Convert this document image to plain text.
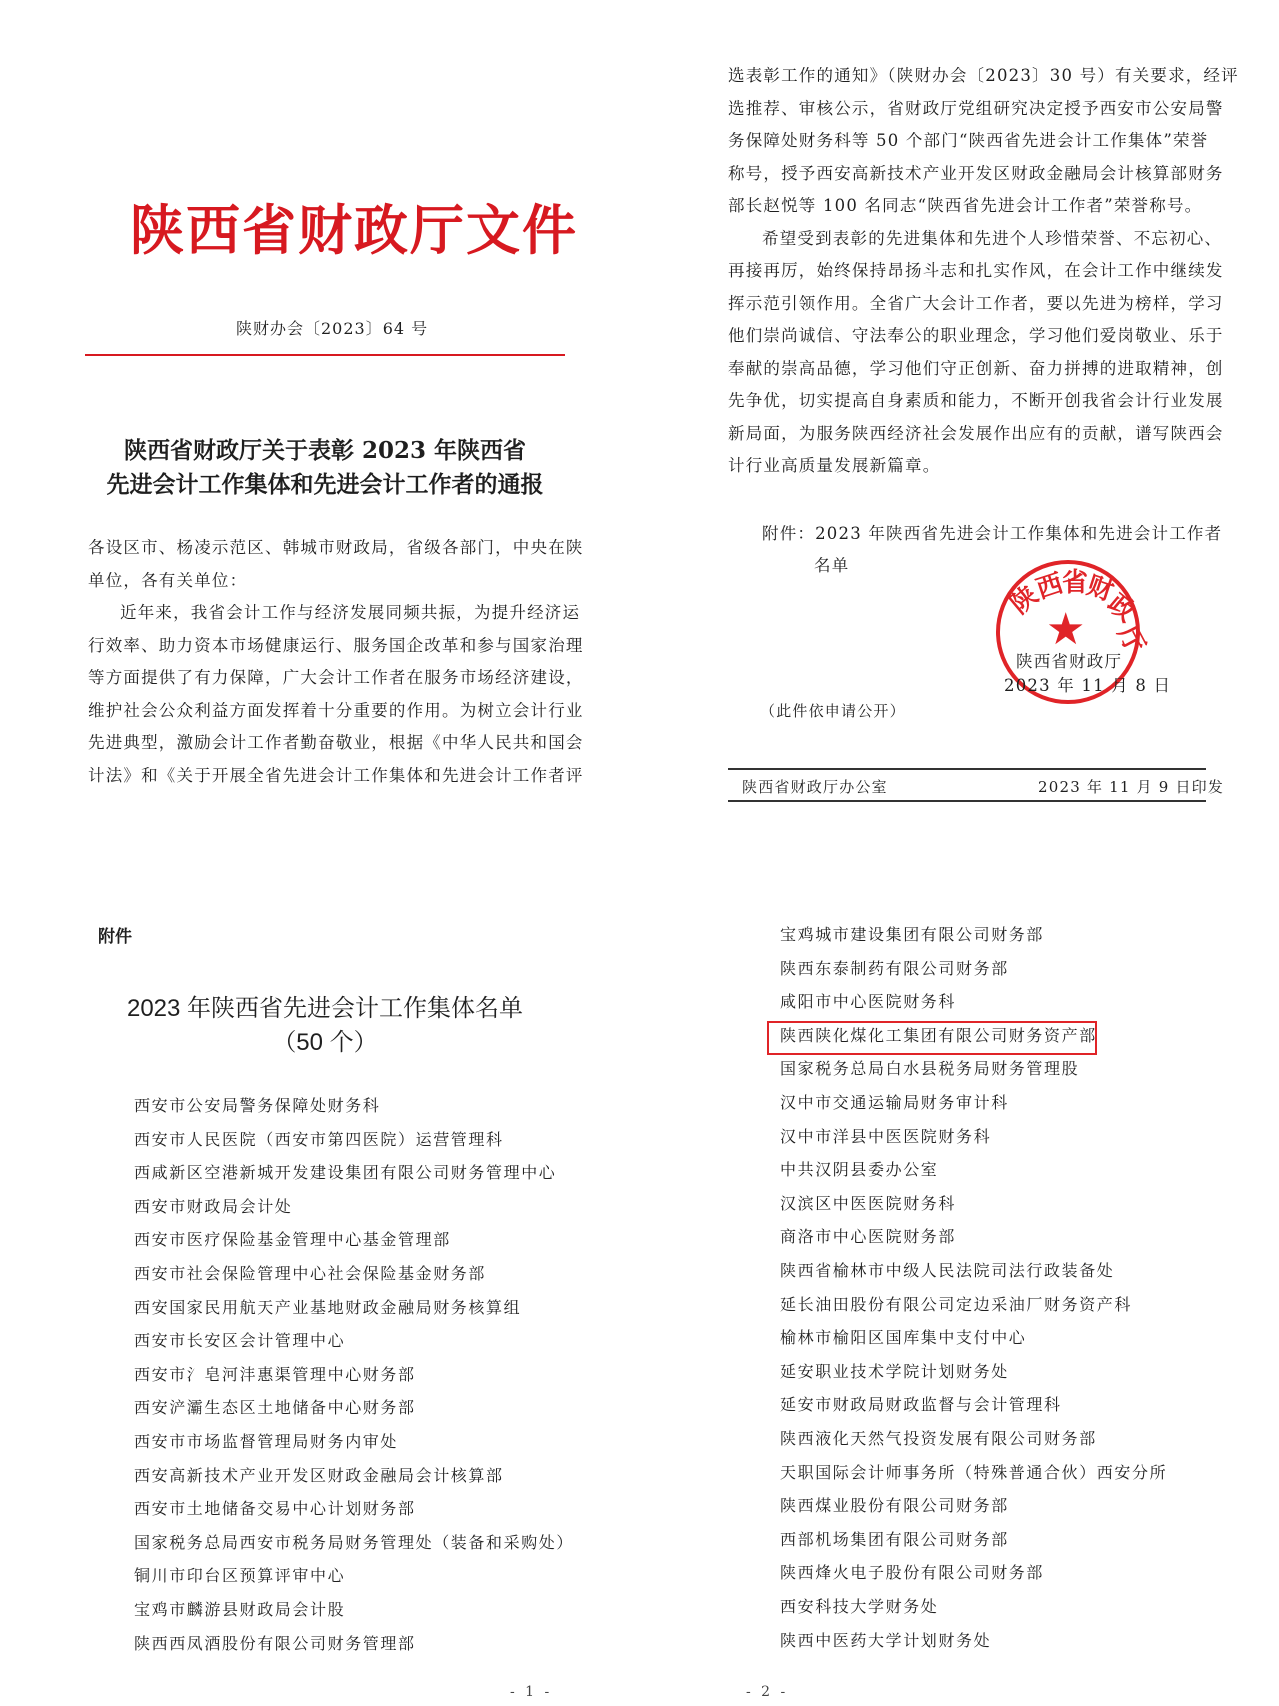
陕西省财政厅文件
陕财办会〔2023〕64 号
陕西省财政厅关于表彰 2023 年陕西省
先进会计工作集体和先进会计工作者的通报
各设区市、杨凌示范区、韩城市财政局，省级各部门，中央在陕
单位，各有关单位：
近年来，我省会计工作与经济发展同频共振，为提升经济运
行效率、助力资本市场健康运行、服务国企改革和参与国家治理
等方面提供了有力保障，广大会计工作者在服务市场经济建设，
维护社会公众利益方面发挥着十分重要的作用。为树立会计行业
先进典型，激励会计工作者勤奋敬业，根据《中华人民共和国会
计法》和《关于开展全省先进会计工作集体和先进会计工作者评
选表彰工作的通知》（陕财办会〔2023〕30 号）有关要求，经评
选推荐、审核公示，省财政厅党组研究决定授予西安市公安局警
务保障处财务科等 50 个部门“陕西省先进会计工作集体”荣誉
称号，授予西安高新技术产业开发区财政金融局会计核算部财务
部长赵悦等 100 名同志“陕西省先进会计工作者”荣誉称号。
希望受到表彰的先进集体和先进个人珍惜荣誉、不忘初心、
再接再厉，始终保持昂扬斗志和扎实作风，在会计工作中继续发
挥示范引领作用。全省广大会计工作者，要以先进为榜样，学习
他们崇尚诚信、守法奉公的职业理念，学习他们爱岗敬业、乐于
奉献的崇高品德，学习他们守正创新、奋力拼搏的进取精神，创
先争优，切实提高自身素质和能力，不断开创我省会计行业发展
新局面，为服务陕西经济社会发展作出应有的贡献，谱写陕西会
计行业高质量发展新篇章。
附件：2023 年陕西省先进会计工作集体和先进会计工作者
名单
陕
西
省
财
政
厅
★
陕西省财政厅
2023 年 11 月 8 日
（此件依申请公开）
陕西省财政厅办公室	2023 年 11 月 9 日印发
附件
2023 年陕西省先进会计工作集体名单
（50 个）
西安市公安局警务保障处财务科
西安市人民医院（西安市第四医院）运营管理科
西咸新区空港新城开发建设集团有限公司财务管理中心
西安市财政局会计处
西安市医疗保险基金管理中心基金管理部
西安市社会保险管理中心社会保险基金财务部
西安国家民用航天产业基地财政金融局财务核算组
西安市长安区会计管理中心
西安市氵皂河沣惠渠管理中心财务部
西安浐灞生态区土地储备中心财务部
西安市市场监督管理局财务内审处
西安高新技术产业开发区财政金融局会计核算部
西安市土地储备交易中心计划财务部
国家税务总局西安市税务局财务管理处（装备和采购处）
铜川市印台区预算评审中心
宝鸡市麟游县财政局会计股
陕西西凤酒股份有限公司财务管理部
宝鸡城市建设集团有限公司财务部
陕西东泰制药有限公司财务部
咸阳市中心医院财务科
陕西陕化煤化工集团有限公司财务资产部
国家税务总局白水县税务局财务管理股
汉中市交通运输局财务审计科
汉中市洋县中医医院财务科
中共汉阴县委办公室
汉滨区中医医院财务科
商洛市中心医院财务部
陕西省榆林市中级人民法院司法行政装备处
延长油田股份有限公司定边采油厂财务资产科
榆林市榆阳区国库集中支付中心
延安职业技术学院计划财务处
延安市财政局财政监督与会计管理科
陕西液化天然气投资发展有限公司财务部
天职国际会计师事务所（特殊普通合伙）西安分所
陕西煤业股份有限公司财务部
西部机场集团有限公司财务部
陕西烽火电子股份有限公司财务部
西安科技大学财务处
陕西中医药大学计划财务处
- 1 -	- 2 -
